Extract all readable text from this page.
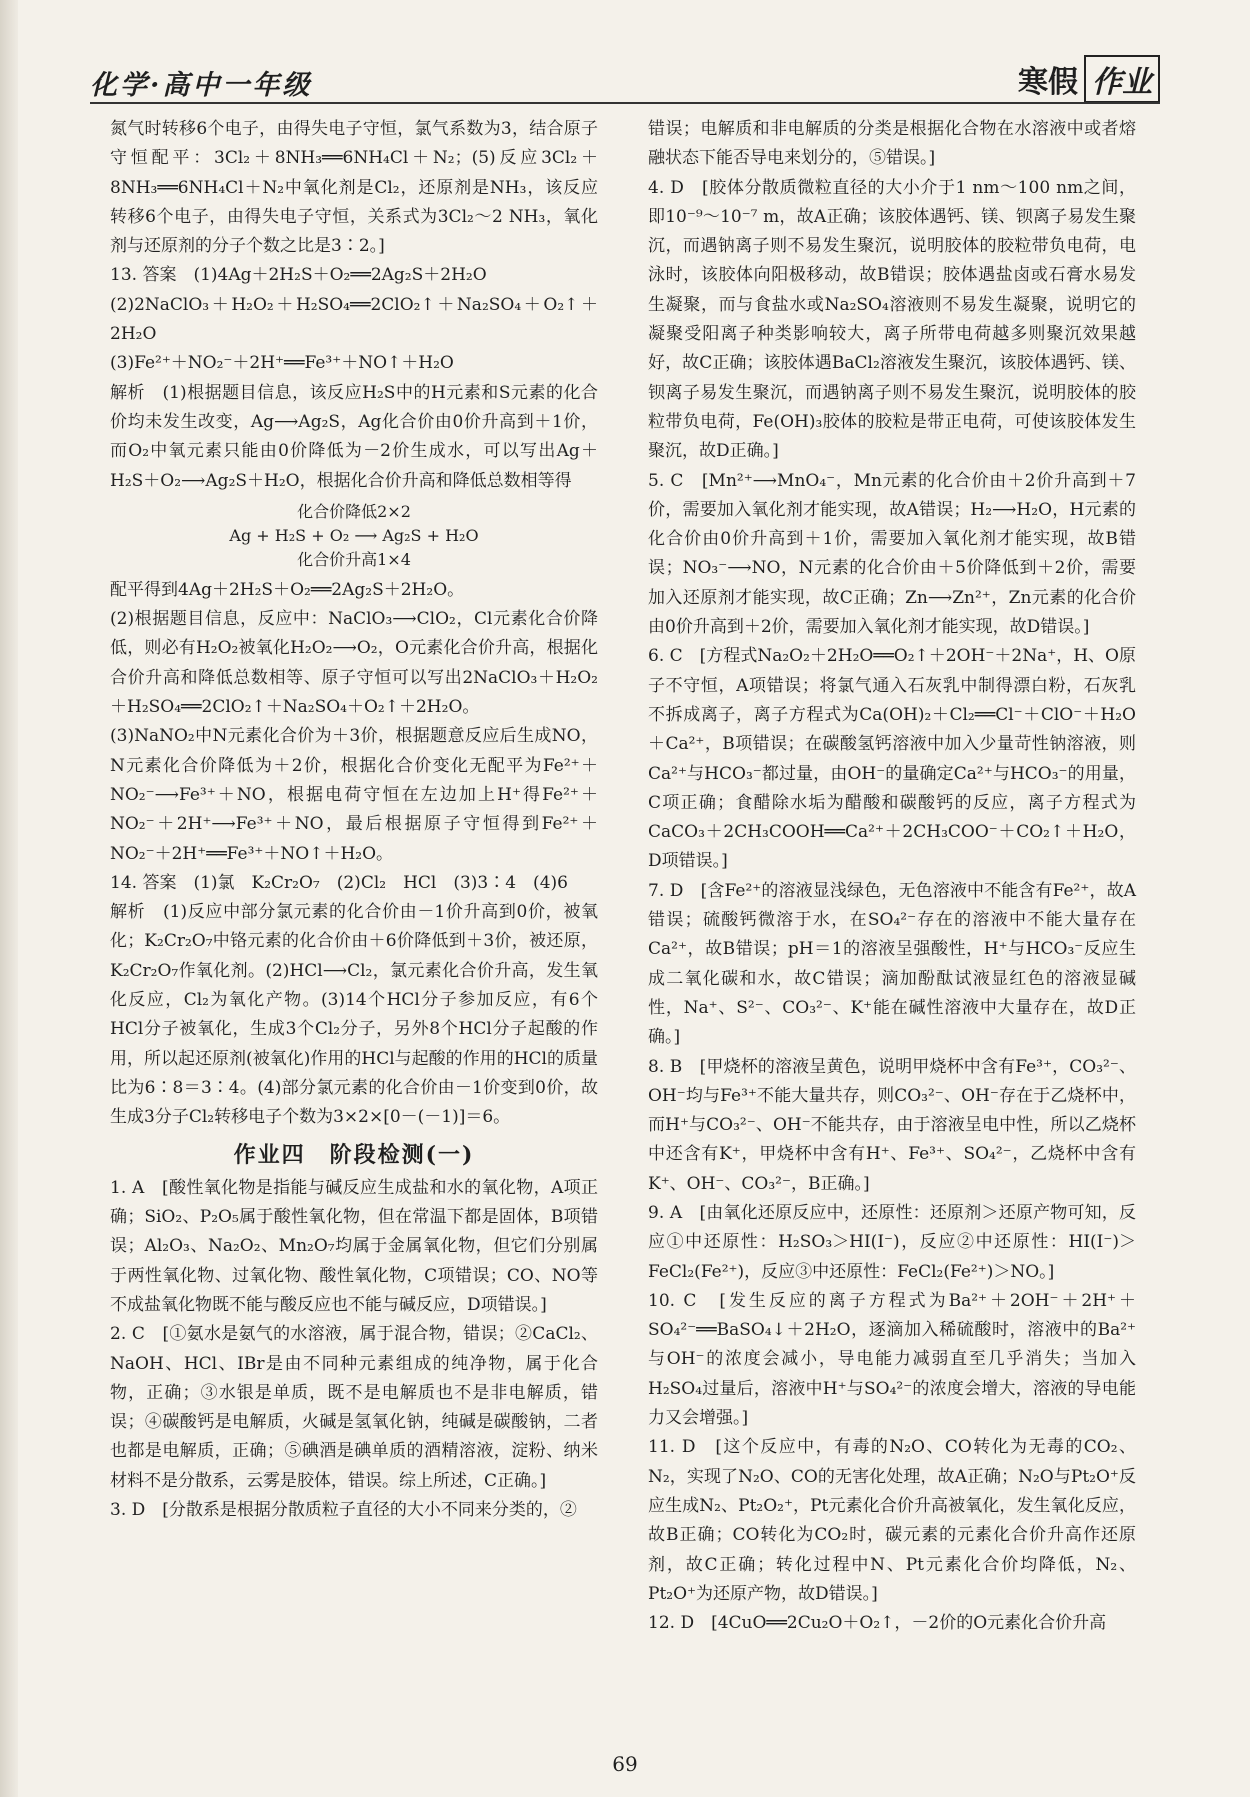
化学·高中一年级	寒假 作业

氮气时转移6个电子，由得失电子守恒，氯气系数为3，结合原子守恒配平：3Cl₂＋8NH₃══6NH₄Cl＋N₂；(5)反应3Cl₂＋8NH₃══6NH₄Cl＋N₂中氧化剂是Cl₂，还原剂是NH₃，该反应转移6个电子，由得失电子守恒，关系式为3Cl₂～2 NH₃，氧化剂与还原剂的分子个数之比是3∶2。]

13. 答案　(1)4Ag＋2H₂S＋O₂══2Ag₂S＋2H₂O

(2)2NaClO₃＋H₂O₂＋H₂SO₄══2ClO₂↑＋Na₂SO₄＋O₂↑＋2H₂O

(3)Fe²⁺＋NO₂⁻＋2H⁺══Fe³⁺＋NO↑＋H₂O

解析　(1)根据题目信息，该反应H₂S中的H元素和S元素的化合价均未发生改变，Ag⟶Ag₂S，Ag化合价由0价升高到＋1价，而O₂中氧元素只能由0价降低为－2价生成水，可以写出Ag＋H₂S＋O₂⟶Ag₂S＋H₂O，根据化合价升高和降低总数相等得

化合价降低2×2
Ag + H₂S + O₂ ⟶ Ag₂S + H₂O
化合价升高1×4

配平得到4Ag＋2H₂S＋O₂══2Ag₂S＋2H₂O。

(2)根据题目信息，反应中：NaClO₃⟶ClO₂，Cl元素化合价降低，则必有H₂O₂被氧化H₂O₂⟶O₂，O元素化合价升高，根据化合价升高和降低总数相等、原子守恒可以写出2NaClO₃＋H₂O₂＋H₂SO₄══2ClO₂↑＋Na₂SO₄＋O₂↑＋2H₂O。

(3)NaNO₂中N元素化合价为＋3价，根据题意反应后生成NO，N元素化合价降低为＋2价，根据化合价变化无配平为Fe²⁺＋NO₂⁻⟶Fe³⁺＋NO，根据电荷守恒在左边加上H⁺得Fe²⁺＋NO₂⁻＋2H⁺⟶Fe³⁺＋NO，最后根据原子守恒得到Fe²⁺＋NO₂⁻＋2H⁺══Fe³⁺＋NO↑＋H₂O。

14. 答案　(1)氯　K₂Cr₂O₇　(2)Cl₂　HCl　(3)3∶4　(4)6

解析　(1)反应中部分氯元素的化合价由－1价升高到0价，被氧化；K₂Cr₂O₇中铬元素的化合价由＋6价降低到＋3价，被还原，K₂Cr₂O₇作氧化剂。(2)HCl⟶Cl₂，氯元素化合价升高，发生氧化反应，Cl₂为氧化产物。(3)14个HCl分子参加反应，有6个HCl分子被氧化，生成3个Cl₂分子，另外8个HCl分子起酸的作用，所以起还原剂(被氧化)作用的HCl与起酸的作用的HCl的质量比为6∶8＝3∶4。(4)部分氯元素的化合价由－1价变到0价，故生成3分子Cl₂转移电子个数为3×2×[0－(－1)]＝6。

作业四　阶段检测(一)

1. A　[酸性氧化物是指能与碱反应生成盐和水的氧化物，A项正确；SiO₂、P₂O₅属于酸性氧化物，但在常温下都是固体，B项错误；Al₂O₃、Na₂O₂、Mn₂O₇均属于金属氧化物，但它们分别属于两性氧化物、过氧化物、酸性氧化物，C项错误；CO、NO等不成盐氧化物既不能与酸反应也不能与碱反应，D项错误。]

2. C　[①氨水是氨气的水溶液，属于混合物，错误；②CaCl₂、NaOH、HCl、IBr是由不同种元素组成的纯净物，属于化合物，正确；③水银是单质，既不是电解质也不是非电解质，错误；④碳酸钙是电解质，火碱是氢氧化钠，纯碱是碳酸钠，二者也都是电解质，正确；⑤碘酒是碘单质的酒精溶液，淀粉、纳米材料不是分散系，云雾是胶体，错误。综上所述，C正确。]

3. D　[分散系是根据分散质粒子直径的大小不同来分类的，②

错误；电解质和非电解质的分类是根据化合物在水溶液中或者熔融状态下能否导电来划分的，⑤错误。]

4. D　[胶体分散质微粒直径的大小介于1 nm～100 nm之间，即10⁻⁹～10⁻⁷ m，故A正确；该胶体遇钙、镁、钡离子易发生聚沉，而遇钠离子则不易发生聚沉，说明胶体的胶粒带负电荷，电泳时，该胶体向阳极移动，故B错误；胶体遇盐卤或石膏水易发生凝聚，而与食盐水或Na₂SO₄溶液则不易发生凝聚，说明它的凝聚受阳离子种类影响较大，离子所带电荷越多则聚沉效果越好，故C正确；该胶体遇BaCl₂溶液发生聚沉，该胶体遇钙、镁、钡离子易发生聚沉，而遇钠离子则不易发生聚沉，说明胶体的胶粒带负电荷，Fe(OH)₃胶体的胶粒是带正电荷，可使该胶体发生聚沉，故D正确。]

5. C　[Mn²⁺⟶MnO₄⁻，Mn元素的化合价由＋2价升高到＋7价，需要加入氧化剂才能实现，故A错误；H₂⟶H₂O，H元素的化合价由0价升高到＋1价，需要加入氧化剂才能实现，故B错误；NO₃⁻⟶NO，N元素的化合价由＋5价降低到＋2价，需要加入还原剂才能实现，故C正确；Zn⟶Zn²⁺，Zn元素的化合价由0价升高到＋2价，需要加入氧化剂才能实现，故D错误。]

6. C　[方程式Na₂O₂＋2H₂O══O₂↑＋2OH⁻＋2Na⁺，H、O原子不守恒，A项错误；将氯气通入石灰乳中制得漂白粉，石灰乳不拆成离子，离子方程式为Ca(OH)₂＋Cl₂══Cl⁻＋ClO⁻＋H₂O＋Ca²⁺，B项错误；在碳酸氢钙溶液中加入少量苛性钠溶液，则Ca²⁺与HCO₃⁻都过量，由OH⁻的量确定Ca²⁺与HCO₃⁻的用量，C项正确；食醋除水垢为醋酸和碳酸钙的反应，离子方程式为CaCO₃＋2CH₃COOH══Ca²⁺＋2CH₃COO⁻＋CO₂↑＋H₂O，D项错误。]

7. D　[含Fe²⁺的溶液显浅绿色，无色溶液中不能含有Fe²⁺，故A错误；硫酸钙微溶于水，在SO₄²⁻存在的溶液中不能大量存在Ca²⁺，故B错误；pH＝1的溶液呈强酸性，H⁺与HCO₃⁻反应生成二氧化碳和水，故C错误；滴加酚酞试液显红色的溶液显碱性，Na⁺、S²⁻、CO₃²⁻、K⁺能在碱性溶液中大量存在，故D正确。]

8. B　[甲烧杯的溶液呈黄色，说明甲烧杯中含有Fe³⁺，CO₃²⁻、OH⁻均与Fe³⁺不能大量共存，则CO₃²⁻、OH⁻存在于乙烧杯中，而H⁺与CO₃²⁻、OH⁻不能共存，由于溶液呈电中性，所以乙烧杯中还含有K⁺，甲烧杯中含有H⁺、Fe³⁺、SO₄²⁻，乙烧杯中含有K⁺、OH⁻、CO₃²⁻，B正确。]

9. A　[由氧化还原反应中，还原性：还原剂＞还原产物可知，反应①中还原性：H₂SO₃＞HI(I⁻)，反应②中还原性：HI(I⁻)＞FeCl₂(Fe²⁺)，反应③中还原性：FeCl₂(Fe²⁺)＞NO。]

10. C　[发生反应的离子方程式为Ba²⁺＋2OH⁻＋2H⁺＋SO₄²⁻══BaSO₄↓＋2H₂O，逐滴加入稀硫酸时，溶液中的Ba²⁺与OH⁻的浓度会减小，导电能力减弱直至几乎消失；当加入H₂SO₄过量后，溶液中H⁺与SO₄²⁻的浓度会增大，溶液的导电能力又会增强。]

11. D　[这个反应中，有毒的N₂O、CO转化为无毒的CO₂、N₂，实现了N₂O、CO的无害化处理，故A正确；N₂O与Pt₂O⁺反应生成N₂、Pt₂O₂⁺，Pt元素化合价升高被氧化，发生氧化反应，故B正确；CO转化为CO₂时，碳元素的元素化合价升高作还原剂，故C正确；转化过程中N、Pt元素化合价均降低，N₂、Pt₂O⁺为还原产物，故D错误。]

12. D　[4CuO══2Cu₂O＋O₂↑，－2价的O元素化合价升高

69
